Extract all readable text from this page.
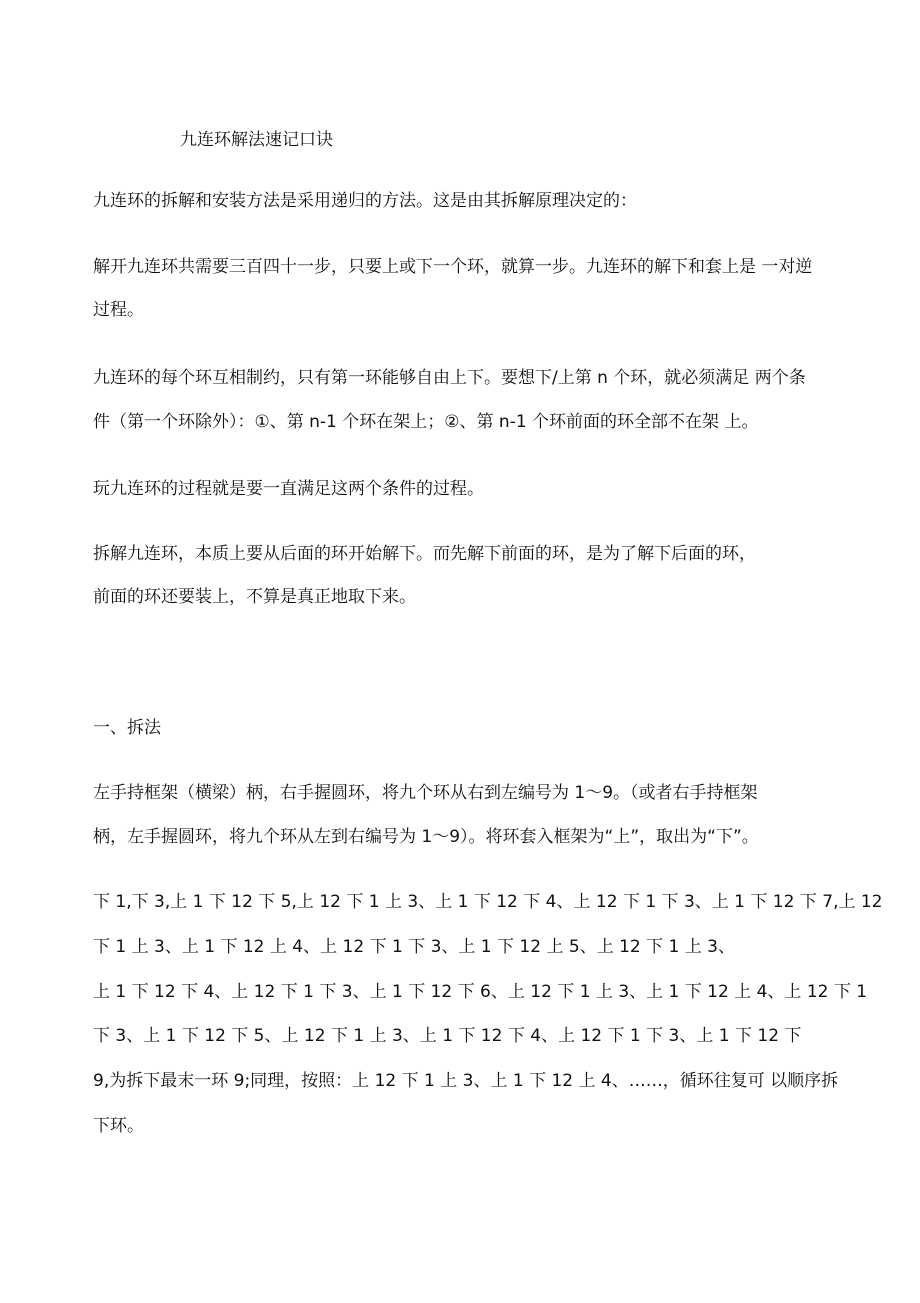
九连环解法速记口诀
九连环的拆解和安装方法是采用递归的方法。这是由其拆解原理决定的：
解开九连环共需要三百四十一步，只要上或下一个环，就算一步。九连环的解下和套上是 一对逆
过程。
九连环的每个环互相制约，只有第一环能够自由上下。要想下/上第 n 个环，就必须满足 两个条
件（第一个环除外）：①、第 n-1 个环在架上；②、第 n-1 个环前面的环全部不在架 上。
玩九连环的过程就是要一直满足这两个条件的过程。
拆解九连环，本质上要从后面的环开始解下。而先解下前面的环，是为了解下后面的环，
前面的环还要装上，不算是真正地取下来。
一、拆法
左手持框架（横梁）柄，右手握圆环，将九个环从右到左编号为 1〜9。（或者右手持框架
柄，左手握圆环，将九个环从左到右编号为 1〜9）。将环套入框架为“上”，取出为“下”。
下 1,下 3,上 1 下 12 下 5,上 12 下 1 上 3、上 1 下 12 下 4、上 12 下 1 下 3、上 1 下 12 下 7,上 12
下 1 上 3、上 1 下 12 上 4、上 12 下 1 下 3、上 1 下 12 上 5、上 12 下 1 上 3、
上 1 下 12 下 4、上 12 下 1 下 3、上 1 下 12 下 6、上 12 下 1 上 3、上 1 下 12 上 4、上 12 下 1
下 3、上 1 下 12 下 5、上 12 下 1 上 3、上 1 下 12 下 4、上 12 下 1 下 3、上 1 下 12 下
9,为拆下最末一环 9;同理，按照：上 12 下 1 上 3、上 1 下 12 上 4、……，循环往复可 以顺序拆
下环。
